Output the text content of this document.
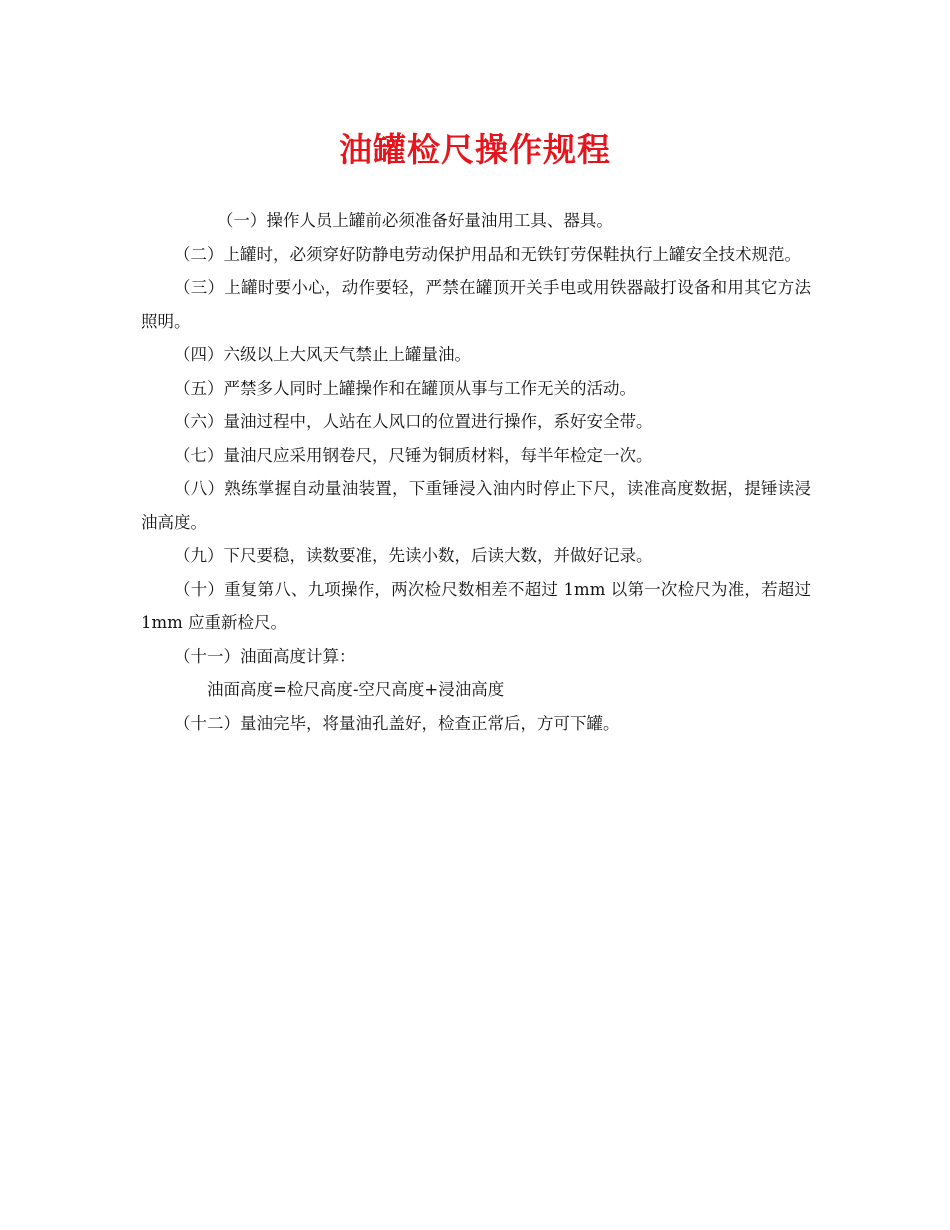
油罐检尺操作规程

（一）操作人员上罐前必须准备好量油用工具、器具。

（二）上罐时，必须穿好防静电劳动保护用品和无铁钉劳保鞋执行上罐安全技术规范。

（三）上罐时要小心，动作要轻，严禁在罐顶开关手电或用铁器敲打设备和用其它方法照明。

（四）六级以上大风天气禁止上罐量油。

（五）严禁多人同时上罐操作和在罐顶从事与工作无关的活动。

（六）量油过程中，人站在人风口的位置进行操作，系好安全带。

（七）量油尺应采用钢卷尺，尺锤为铜质材料，每半年检定一次。

（八）熟练掌握自动量油装置，下重锤浸入油内时停止下尺，读准高度数据，提锤读浸油高度。

（九）下尺要稳，读数要准，先读小数，后读大数，并做好记录。

（十）重复第八、九项操作，两次检尺数相差不超过 1mm 以第一次检尺为准，若超过 1mm 应重新检尺。

（十一）油面高度计算：

油面高度=检尺高度-空尺高度+浸油高度

（十二）量油完毕，将量油孔盖好，检查正常后，方可下罐。
